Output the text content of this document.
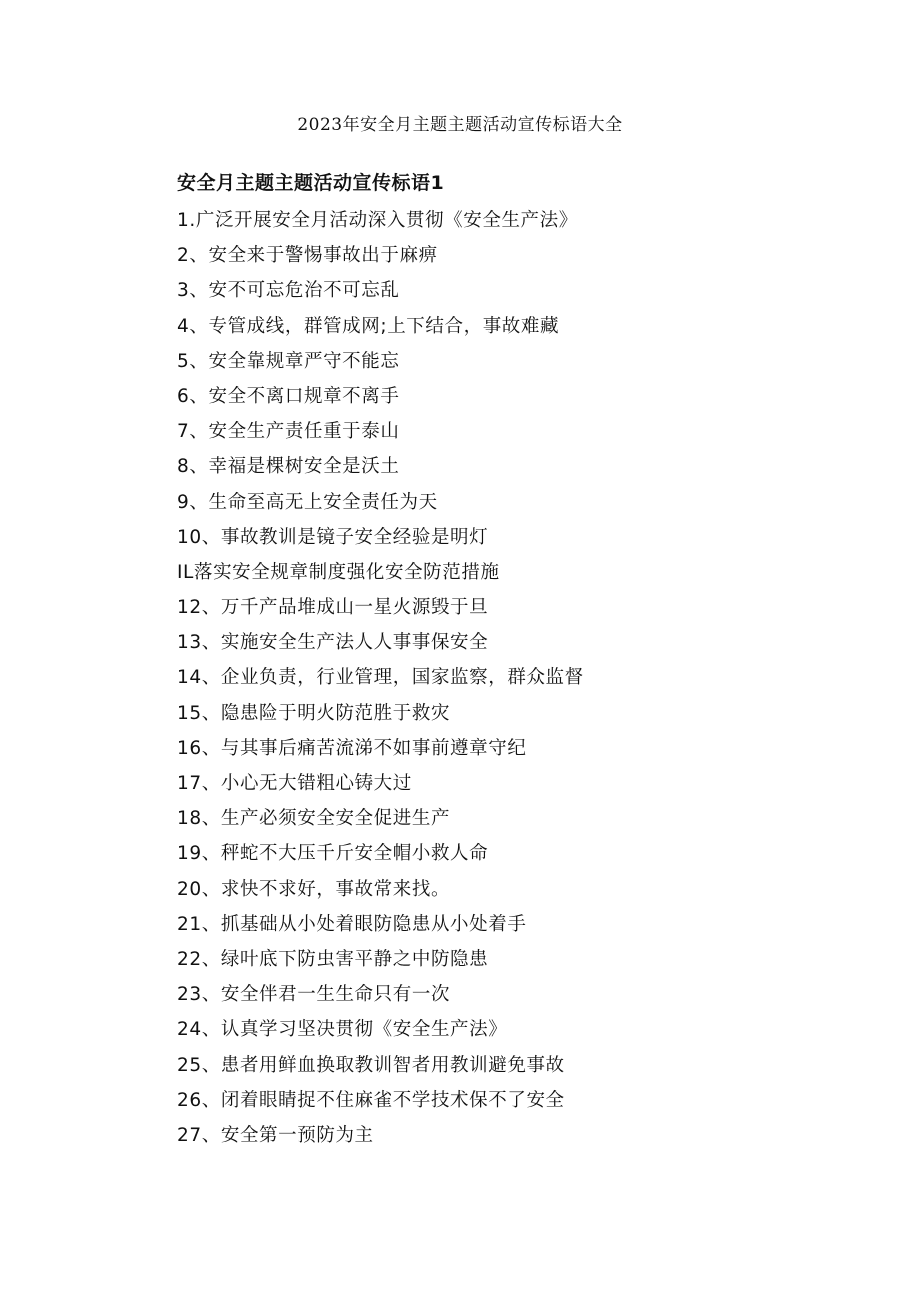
2023年安全月主题主题活动宣传标语大全
安全月主题主题活动宣传标语1
1.广泛开展安全月活动深入贯彻《安全生产法》
2、安全来于警惕事故出于麻痹
3、安不可忘危治不可忘乱
4、专管成线，群管成网;上下结合，事故难藏
5、安全靠规章严守不能忘
6、安全不离口规章不离手
7、安全生产责任重于泰山
8、幸福是棵树安全是沃土
9、生命至高无上安全责任为天
10、事故教训是镜子安全经验是明灯
IL落实安全规章制度强化安全防范措施
12、万千产品堆成山一星火源毁于旦
13、实施安全生产法人人事事保安全
14、企业负责，行业管理，国家监察，群众监督
15、隐患险于明火防范胜于救灾
16、与其事后痛苦流涕不如事前遵章守纪
17、小心无大错粗心铸大过
18、生产必须安全安全促进生产
19、秤蛇不大压千斤安全帽小救人命
20、求快不求好，事故常来找。
21、抓基础从小处着眼防隐患从小处着手
22、绿叶底下防虫害平静之中防隐患
23、安全伴君一生生命只有一次
24、认真学习坚决贯彻《安全生产法》
25、患者用鲜血换取教训智者用教训避免事故
26、闭着眼睛捉不住麻雀不学技术保不了安全
27、安全第一预防为主
